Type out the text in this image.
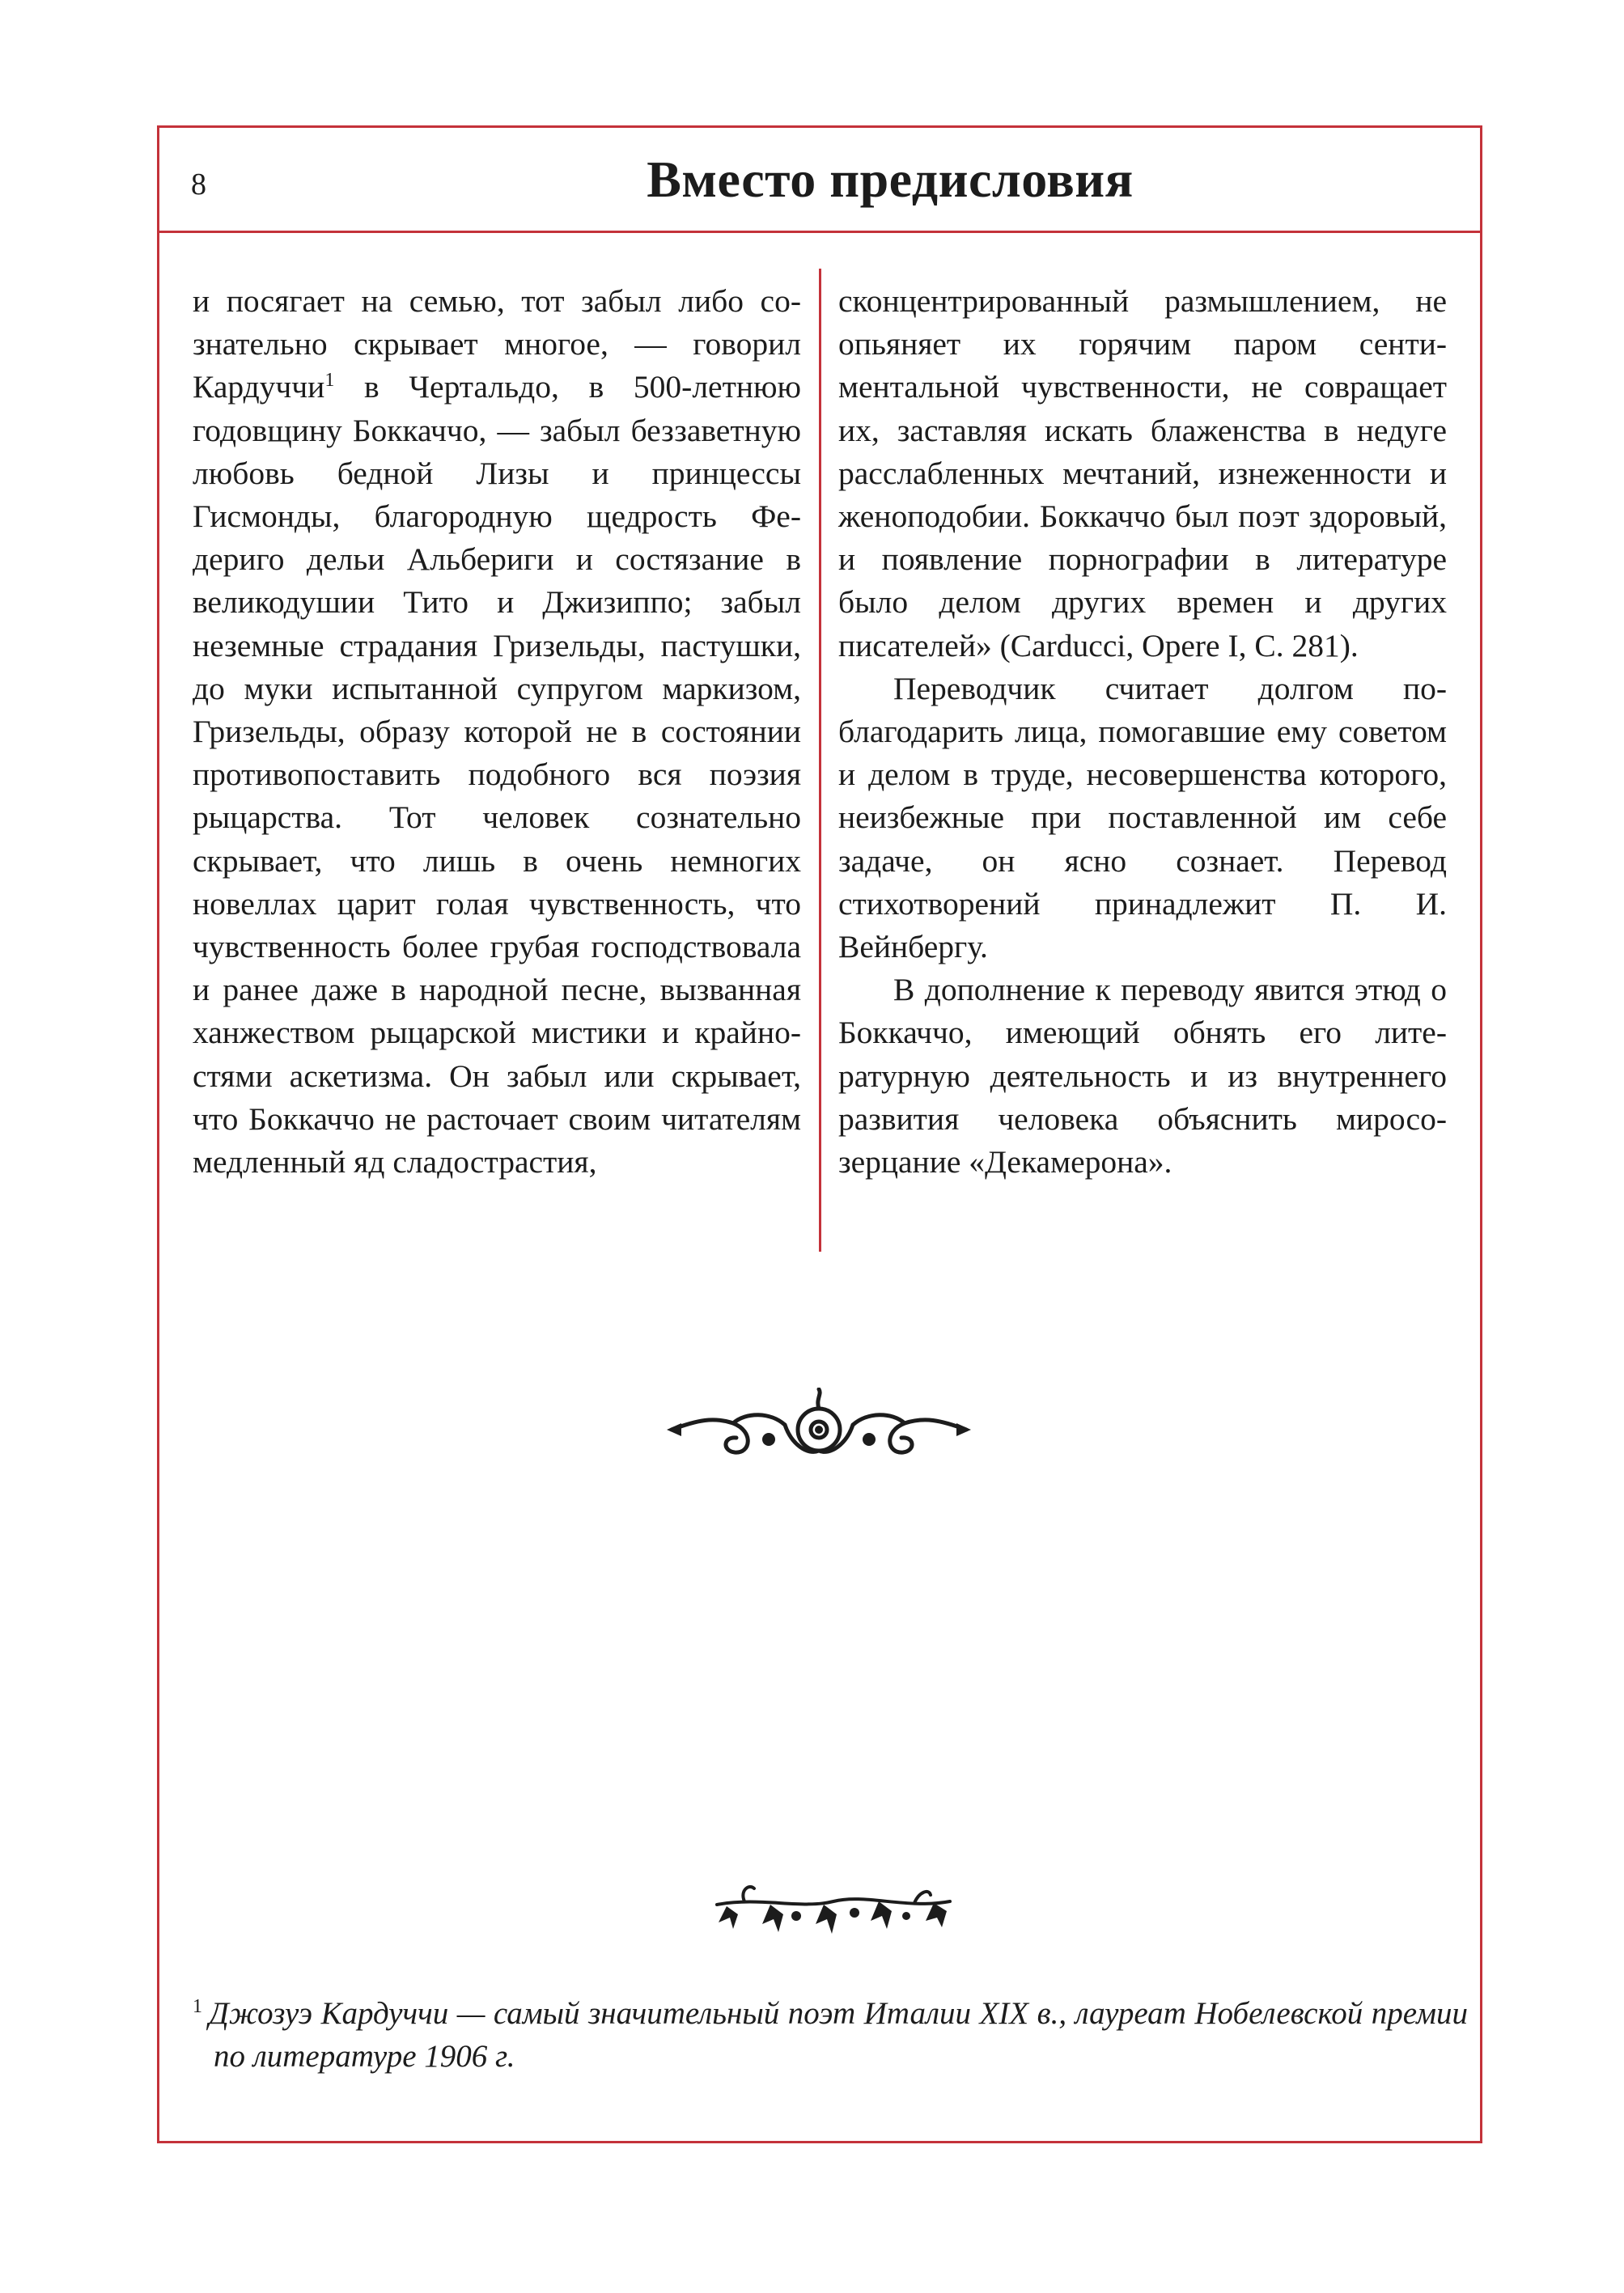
8	Вместо предисловия

и посягает на семью, тот забыл либо сознательно скрывает многое, — говорил Кардуччи$^1$ в Чертальдо, в 500-летнюю годовщину Боккаччо, — забыл беззаветную любовь бедной Лизы и принцессы Гисмонды, благородную щедрость Федериго дельи Альбериги и состязание в великодушии Тито и Джизиппо; забыл неземные страдания Гризельды, пастушки, до муки испытанной супругом маркизом, Гризельды, образу которой не в состоянии противопоставить подобного вся поэзия рыцарства. Тот человек сознательно скрывает, что лишь в очень немногих новеллах царит голая чувственность, что чувственность более грубая господствовала и ранее даже в народной песне, вызванная ханжеством рыцарской мистики и крайностями аскетизма. Он забыл или скрывает, что Боккаччо не расточает своим читателям медленный яд сладострастия,

сконцентрированный размышлением, не опьяняет их горячим паром сентиментальной чувственности, не совращает их, заставляя искать блаженства в недуге расслабленных мечтаний, изнеженности и женоподобии. Боккаччо был поэт здоровый, и появление порнографии в литературе было делом других времен и других писателей» (Carducci, Opere I, C. 281).

Переводчик считает долгом поблагодарить лица, помогавшие ему советом и делом в труде, несовершенства которого, неизбежные при поставленной им себе задаче, он ясно сознает. Перевод стихотворений принадлежит П. И. Вейнбергу.

В дополнение к переводу явится этюд о Боккаччо, имеющий обнять его литературную деятельность и из внутреннего развития человека объяснить миросозерцание «Декамерона».

$^1$ Джозуэ Кардуччи — самый значительный поэт Италии XIX в., лауреат Нобелевской премии по литературе 1906 г.
